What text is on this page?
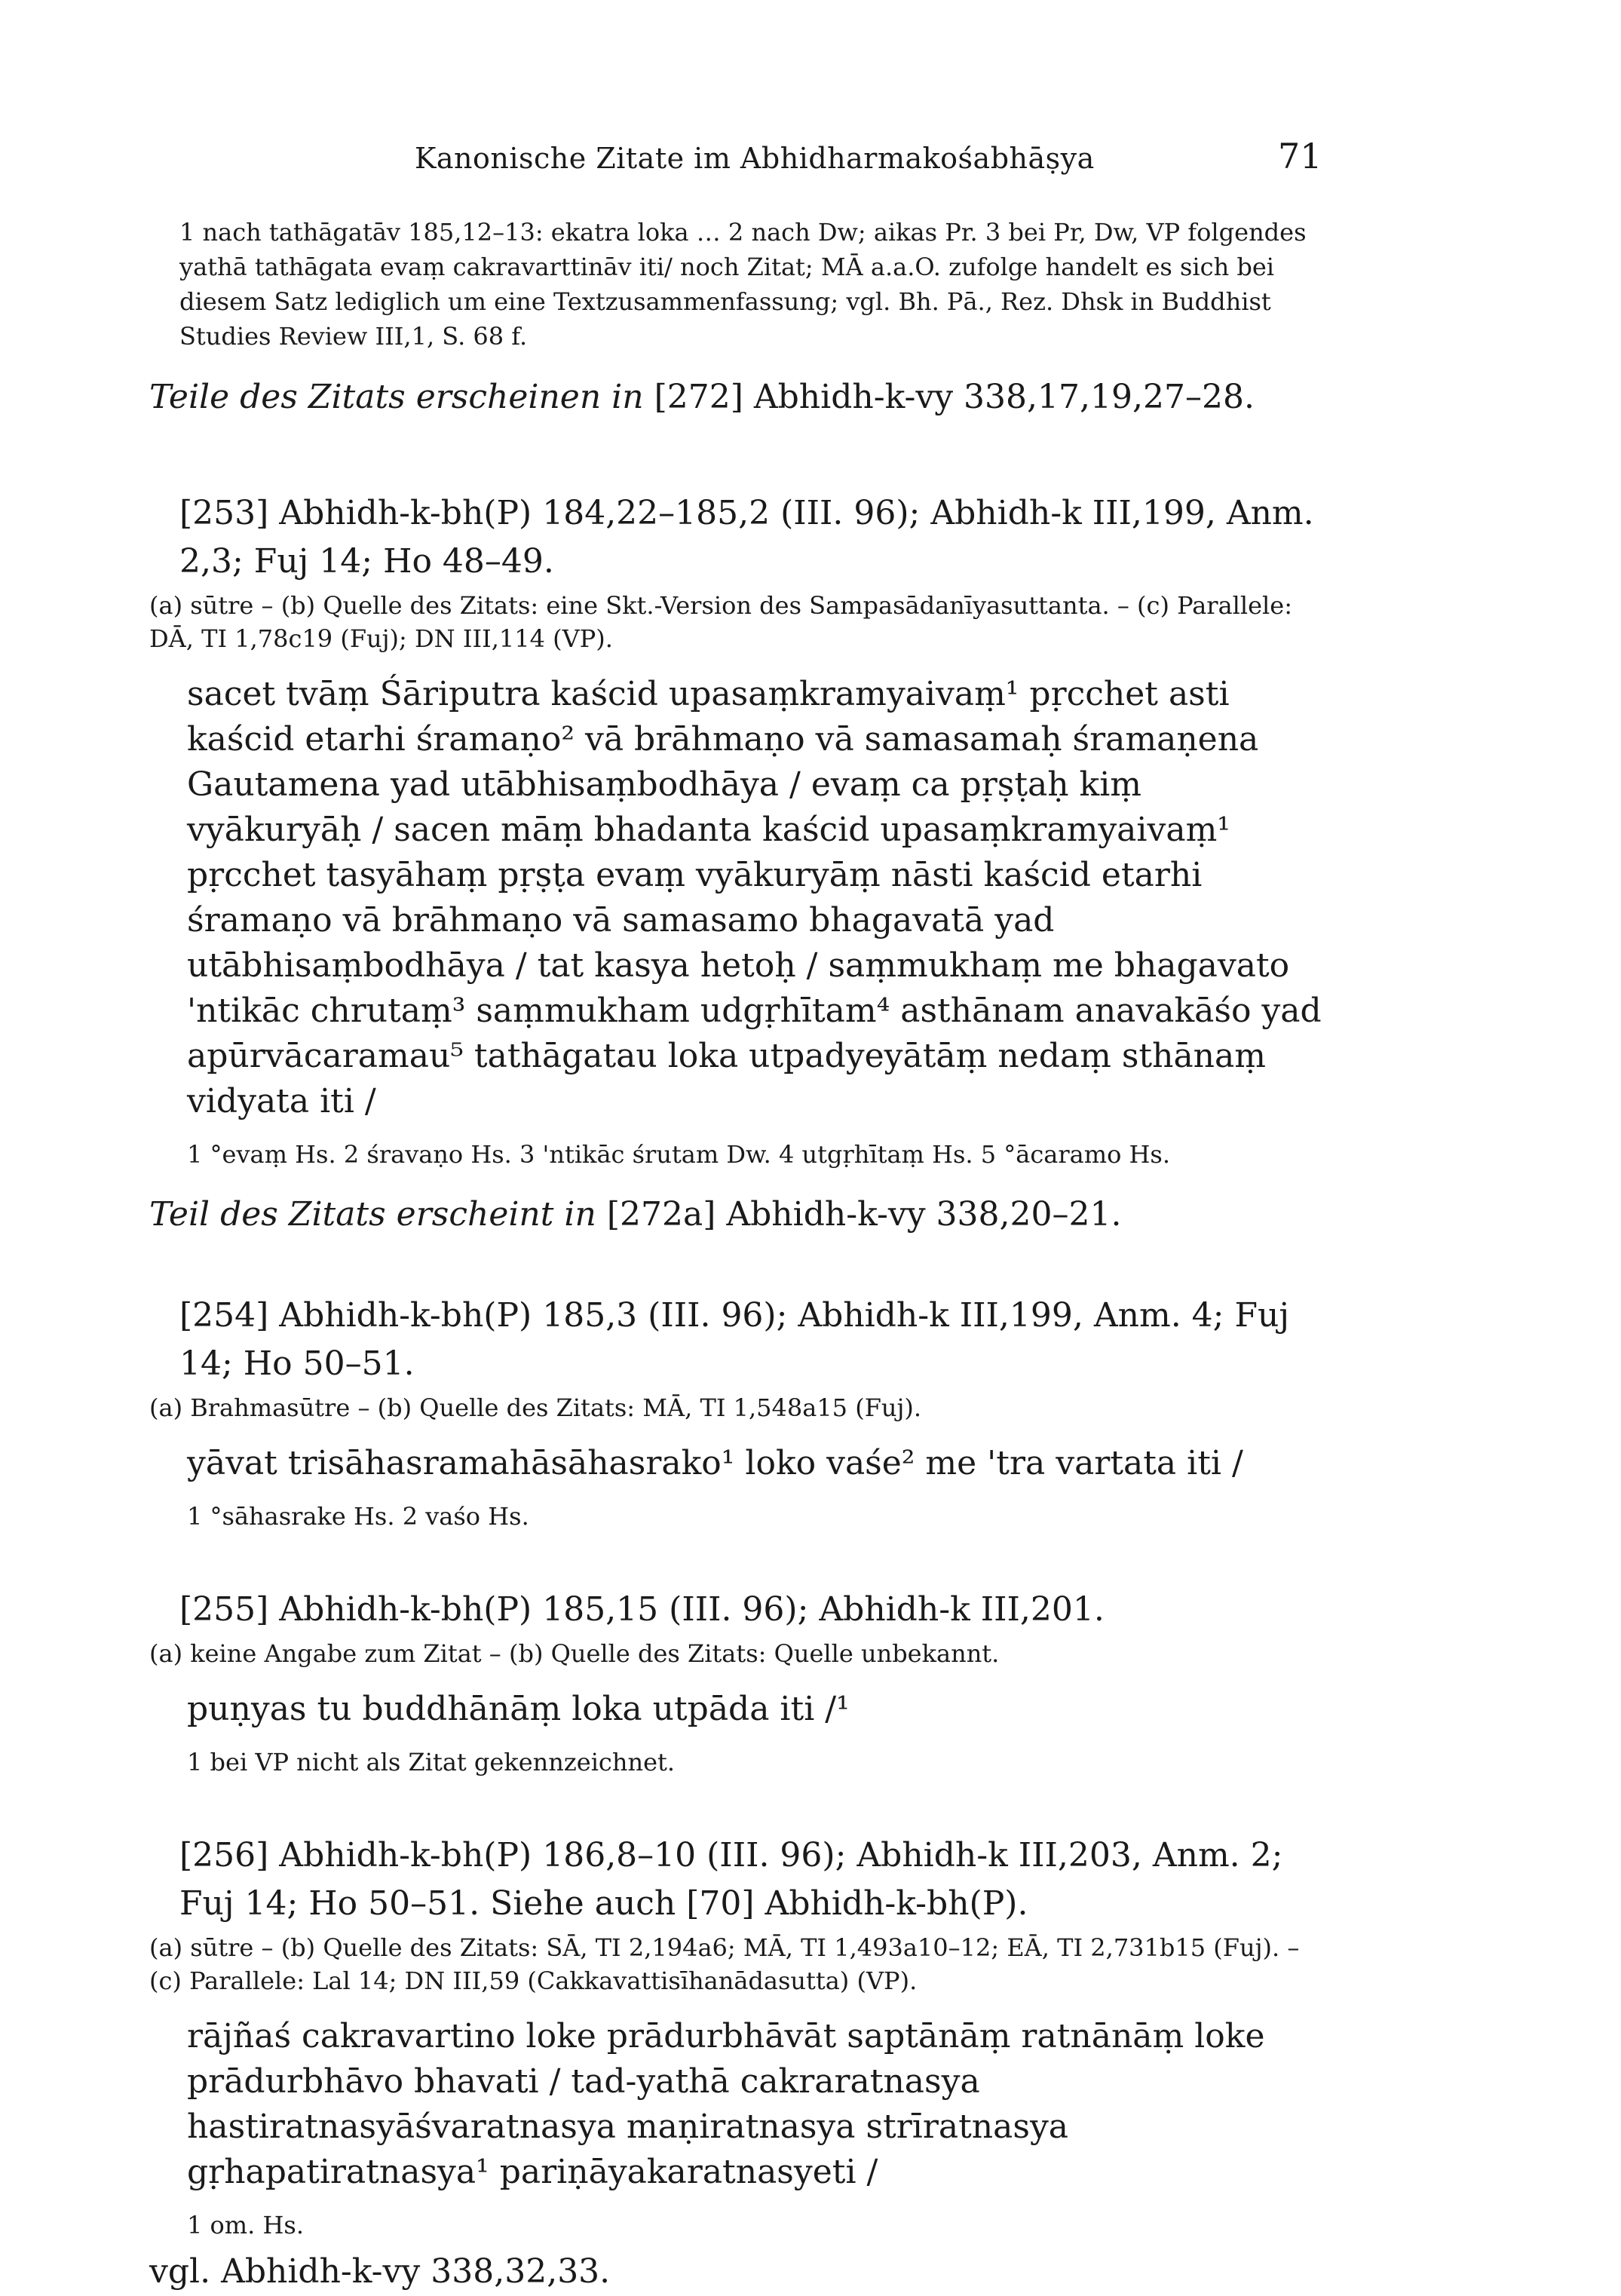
Kanonische Zitate im Abhidharmakośabhāṣya	71

1 nach tathāgatāv 185,12–13: ekatra loka … 2 nach Dw; aikas Pr. 3 bei Pr, Dw, VP folgendes yathā tathāgata evaṃ cakravarttināv iti/ noch Zitat; MĀ a.a.O. zufolge handelt es sich bei diesem Satz lediglich um eine Textzusammenfassung; vgl. Bh. Pā., Rez. Dhsk in Buddhist Studies Review III,1, S. 68 f.

Teile des Zitats erscheinen in [272] Abhidh-k-vy 338,17,19,27–28.

[253] Abhidh-k-bh(P) 184,22–185,2 (III. 96); Abhidh-k III,199, Anm. 2,3; Fuj 14; Ho 48–49.

(a) sūtre – (b) Quelle des Zitats: eine Skt.-Version des Sampasādanīyasuttanta. – (c) Parallele: DĀ, TI 1,78c19 (Fuj); DN III,114 (VP).

sacet tvāṃ Śāriputra kaścid upasaṃkramyaivaṃ¹ pṛcchet asti kaścid etarhi śramaṇo² vā brāhmaṇo vā samasamaḥ śramaṇena Gautamena yad utābhisaṃbodhāya / evaṃ ca pṛṣṭaḥ kiṃ vyākuryāḥ / sacen māṃ bhadanta kaścid upasaṃkramyaivaṃ¹ pṛcchet tasyāhaṃ pṛṣṭa evaṃ vyākuryāṃ nāsti kaścid etarhi śramaṇo vā brāhmaṇo vā samasamo bhagavatā yad utābhisaṃbodhāya / tat kasya hetoḥ / saṃmukhaṃ me bhagavato 'ntikāc chrutaṃ³ saṃmukham udgṛhītam⁴ asthānam anavakāśo yad apūrvācaramau⁵ tathāgatau loka utpadyeyātāṃ nedaṃ sthānaṃ vidyata iti /

1 °evaṃ Hs. 2 śravaṇo Hs. 3 'ntikāc śrutam Dw. 4 utgṛhītaṃ Hs. 5 °ācaramo Hs.

Teil des Zitats erscheint in [272a] Abhidh-k-vy 338,20–21.

[254] Abhidh-k-bh(P) 185,3 (III. 96); Abhidh-k III,199, Anm. 4; Fuj 14; Ho 50–51.

(a) Brahmasūtre – (b) Quelle des Zitats: MĀ, TI 1,548a15 (Fuj).

yāvat trisāhasramahāsāhasrako¹ loko vaśe² me 'tra vartata iti /

1 °sāhasrake Hs. 2 vaśo Hs.

[255] Abhidh-k-bh(P) 185,15 (III. 96); Abhidh-k III,201.

(a) keine Angabe zum Zitat – (b) Quelle des Zitats: Quelle unbekannt.

puṇyas tu buddhānāṃ loka utpāda iti /¹

1 bei VP nicht als Zitat gekennzeichnet.

[256] Abhidh-k-bh(P) 186,8–10 (III. 96); Abhidh-k III,203, Anm. 2; Fuj 14; Ho 50–51. Siehe auch [70] Abhidh-k-bh(P).

(a) sūtre – (b) Quelle des Zitats: SĀ, TI 2,194a6; MĀ, TI 1,493a10–12; EĀ, TI 2,731b15 (Fuj). – (c) Parallele: Lal 14; DN III,59 (Cakkavattisīhanādasutta) (VP).

rājñaś cakravartino loke prādurbhāvāt saptānāṃ ratnānāṃ loke prādurbhāvo bhavati / tad-yathā cakraratnasya hastiratnasyāśvaratnasya maṇiratnasya strīratnasya gṛhapatiratnasya¹ pariṇāyakaratnasyeti /

1 om. Hs.

vgl. Abhidh-k-vy 338,32,33.
